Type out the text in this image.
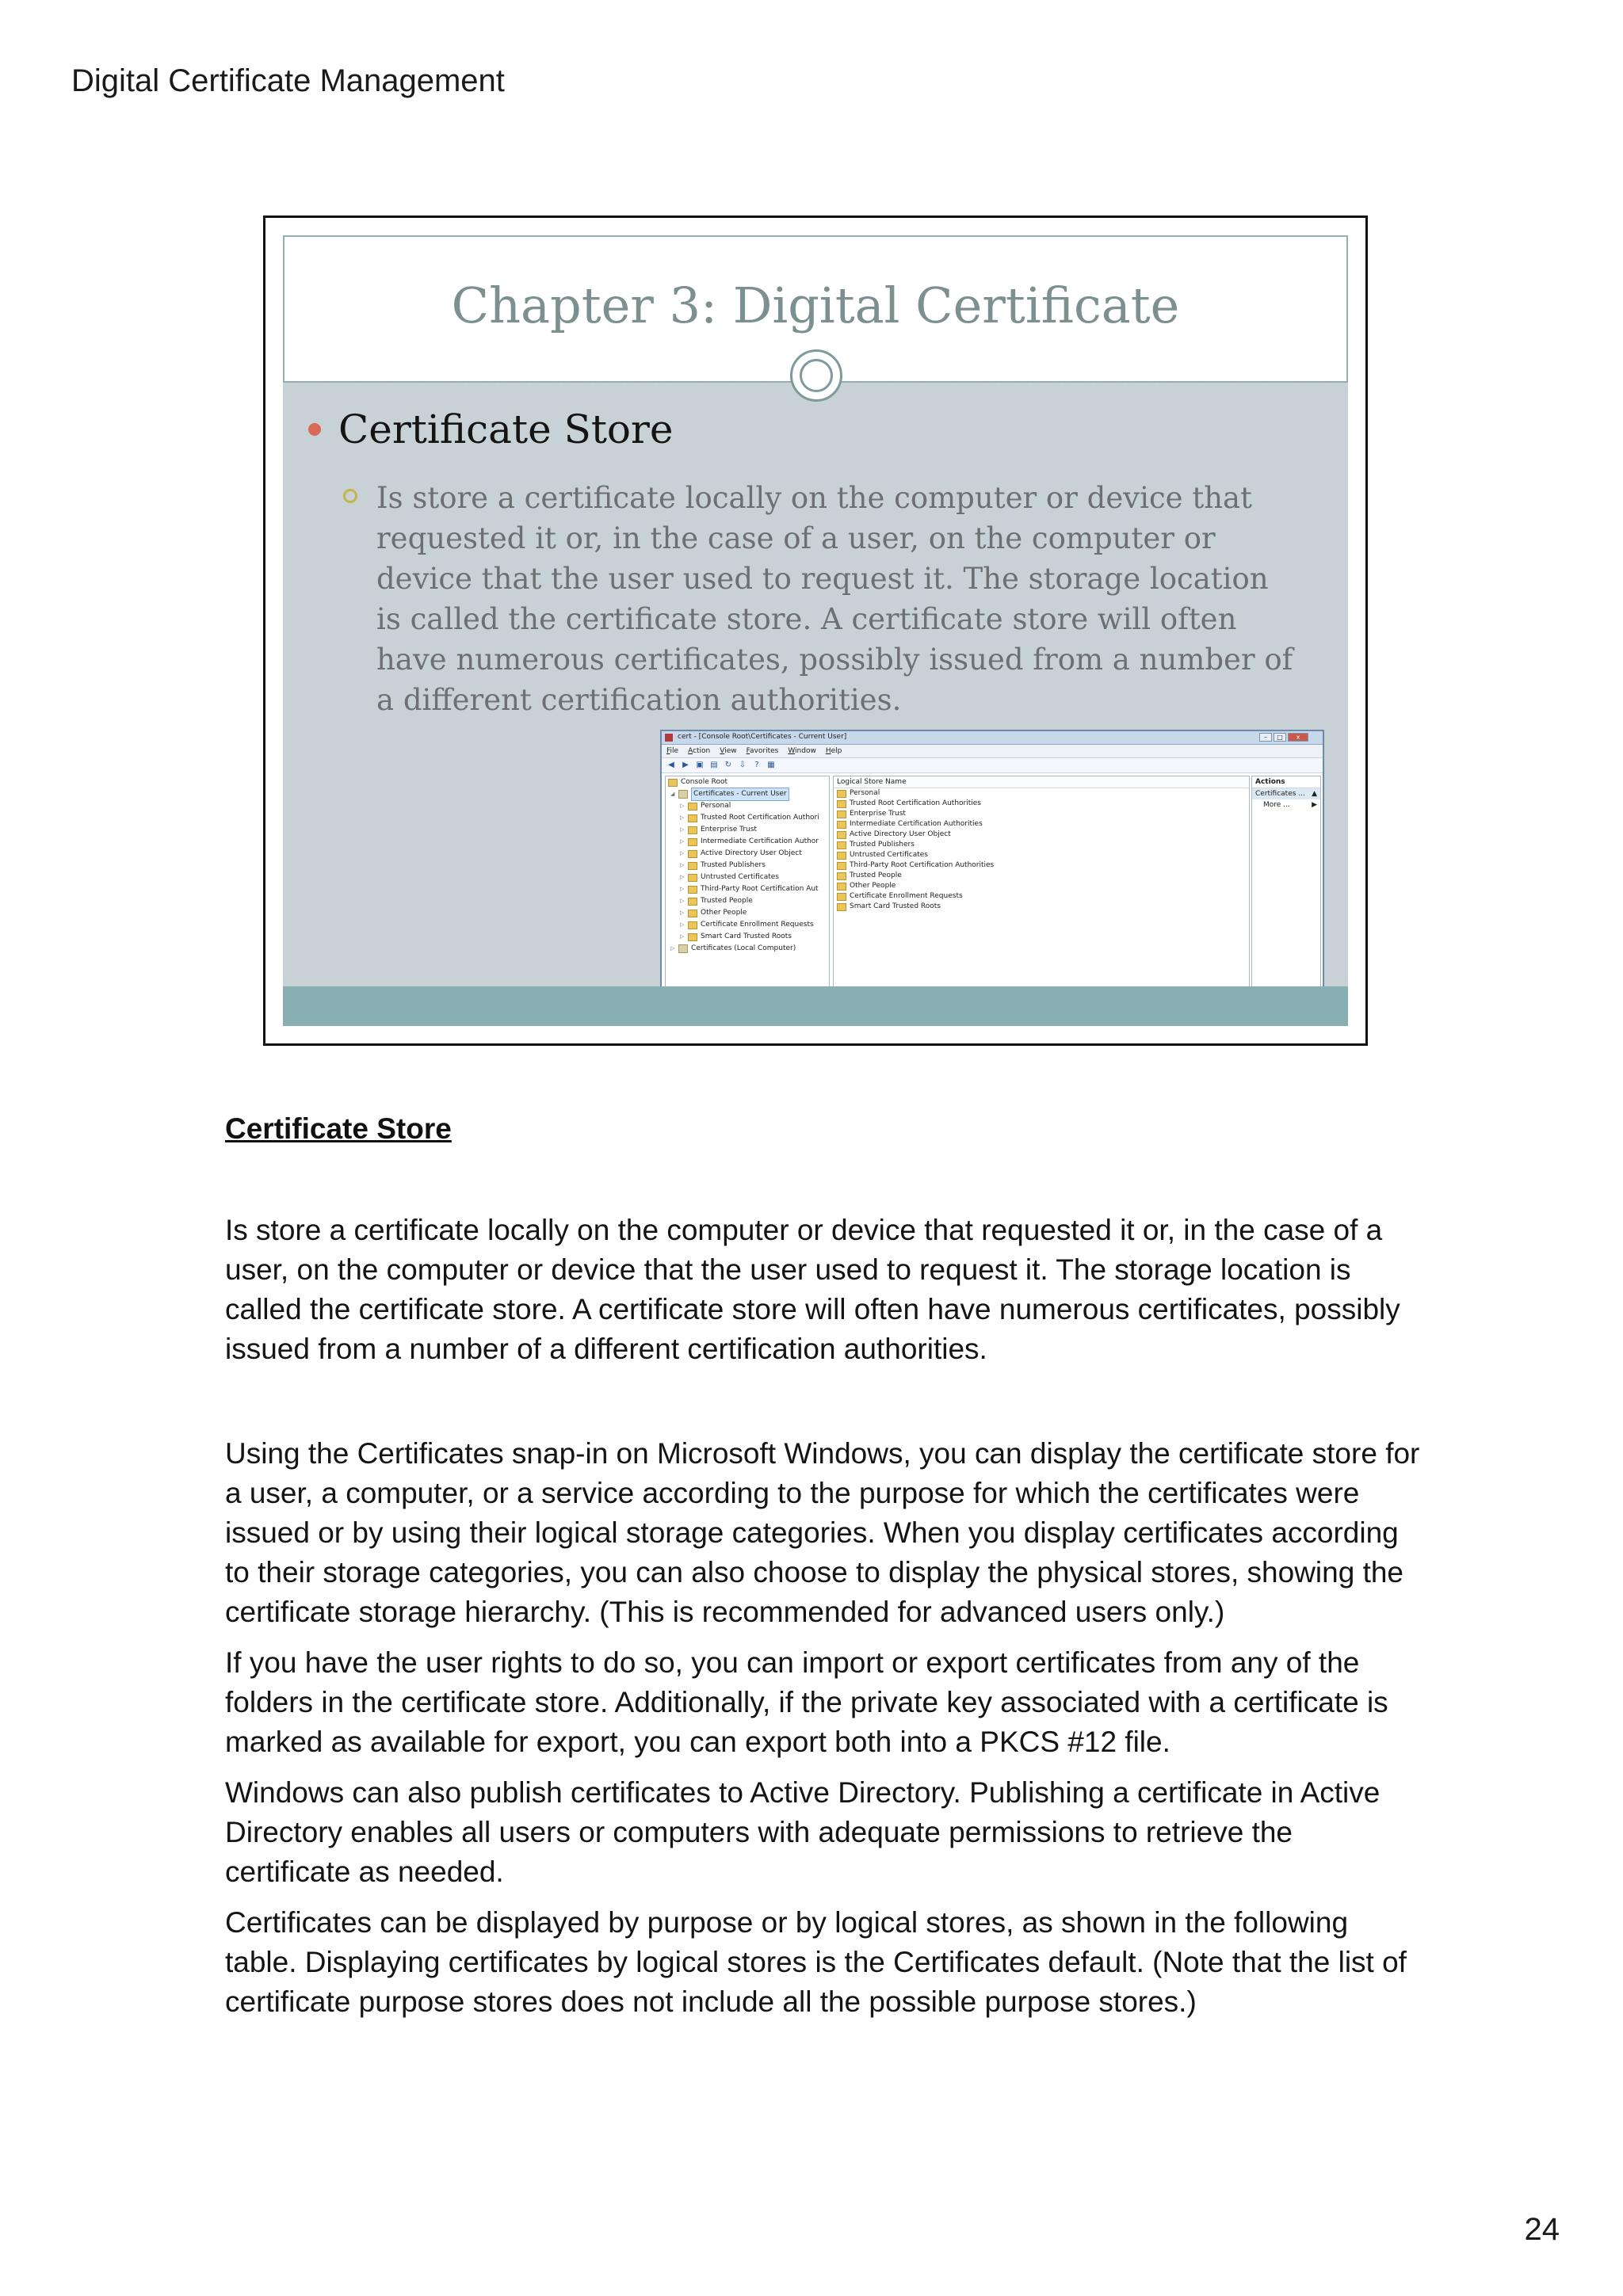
Digital Certificate Management
Chapter 3: Digital Certificate
Certificate Store
Is store a certificate locally on the computer or device that requested it or, in the case of a user, on the computer or device that the user used to request it. The storage location is called the certificate store. A certificate store will often have numerous certificates, possibly issued from a number of a different certification authorities.
cert - [Console Root\Certificates - Current User]	–	□	x
File Action View Favorites Window Help
◀ ▶ ▣ ▤ ↻ ⇩	?	▦
Console Root
◢	Certificates - Current User
▷ Personal
▷ Trusted Root Certification Authori
▷ Enterprise Trust
▷ Intermediate Certification Author
▷ Active Directory User Object
▷ Trusted Publishers
▷ Untrusted Certificates
▷ Third-Party Root Certification Aut
▷ Trusted People
▷ Other People
▷ Certificate Enrollment Requests
▷ Smart Card Trusted Roots
▷ Certificates (Local Computer)
Logical Store Name
Personal
Trusted Root Certification Authorities
Enterprise Trust
Intermediate Certification Authorities
Active Directory User Object
Trusted Publishers
Untrusted Certificates
Third-Party Root Certification Authorities
Trusted People
Other People
Certificate Enrollment Requests
Smart Card Trusted Roots
Actions
Certificates ... ▲
More ...	▶
Certificate Store

Is store a certificate locally on the computer or device that requested it or, in the case of a user, on the computer or device that the user used to request it. The storage location is called the certificate store. A certificate store will often have numerous certificates, possibly issued from a number of a different certification authorities.

Using the Certificates snap-in on Microsoft Windows, you can display the certificate store for a user, a computer, or a service according to the purpose for which the certificates were issued or by using their logical storage categories. When you display certificates according to their storage categories, you can also choose to display the physical stores, showing the certificate storage hierarchy. (This is recommended for advanced users only.)

If you have the user rights to do so, you can import or export certificates from any of the folders in the certificate store. Additionally, if the private key associated with a certificate is marked as available for export, you can export both into a PKCS #12 file.

Windows can also publish certificates to Active Directory. Publishing a certificate in Active Directory enables all users or computers with adequate permissions to retrieve the certificate as needed.

Certificates can be displayed by purpose or by logical stores, as shown in the following table. Displaying certificates by logical stores is the Certificates default. (Note that the list of certificate purpose stores does not include all the possible purpose stores.)

24
